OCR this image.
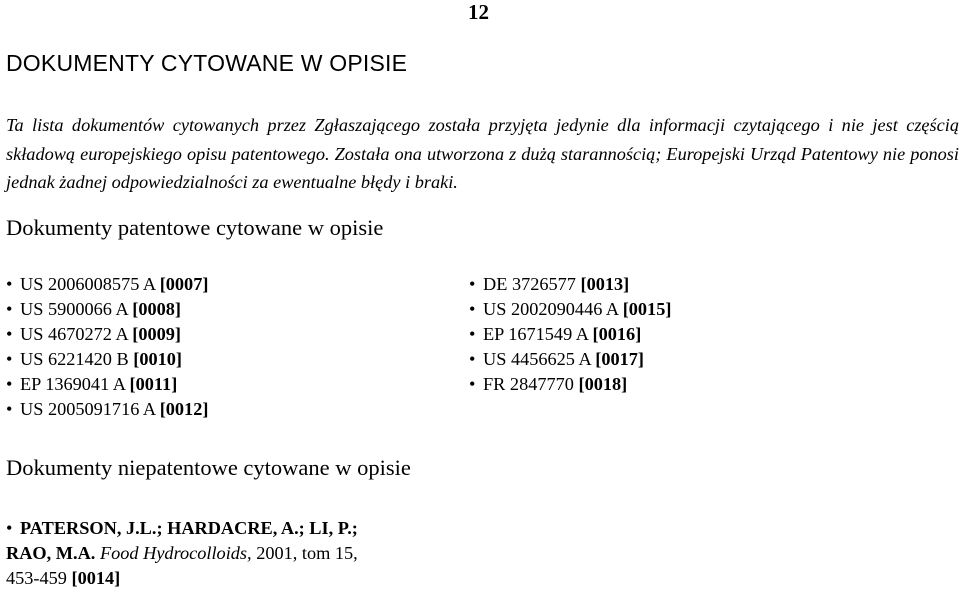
12
DOKUMENTY CYTOWANE W OPISIE
Ta lista dokumentów cytowanych przez Zgłaszającego została przyjęta jedynie dla informacji czytającego i nie jest częścią składową europejskiego opisu patentowego. Została ona utworzona z dużą starannością; Europejski Urząd Patentowy nie ponosi jednak żadnej odpowiedzialności za ewentualne błędy i braki.
Dokumenty patentowe cytowane w opisie
• US 2006008575 A [0007]
• US 5900066 A [0008]
• US 4670272 A [0009]
• US 6221420 B [0010]
• EP 1369041 A [0011]
• US 2005091716 A [0012]
• DE 3726577 [0013]
• US 2002090446 A [0015]
• EP 1671549 A [0016]
• US 4456625 A [0017]
• FR 2847770 [0018]
Dokumenty niepatentowe cytowane w opisie
• PATERSON, J.L.; HARDACRE, A.; LI, P.;
RAO, M.A. Food Hydrocolloids, 2001, tom 15,
453-459 [0014]
